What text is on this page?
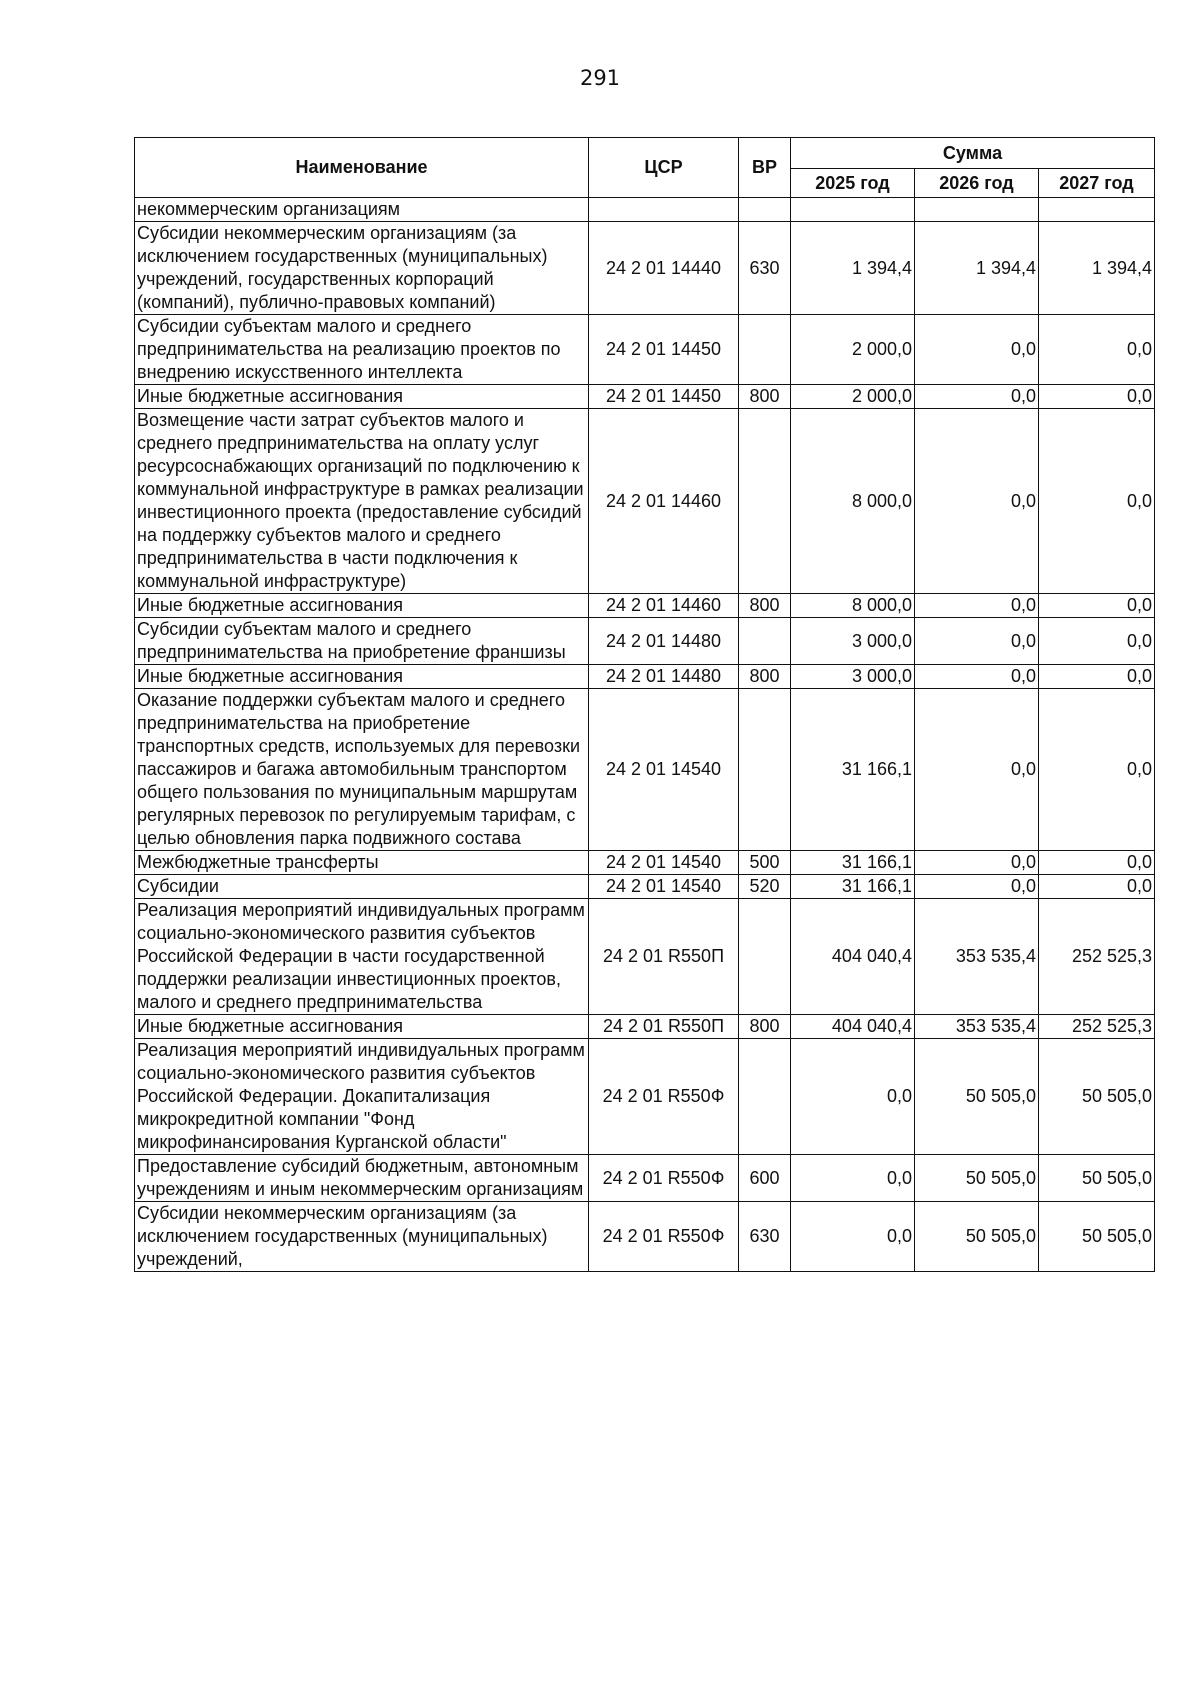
291
Наименование	ЦСР	ВР	Сумма		
			2025 год	2026 год	2027 год
некоммерческим организациям					
Субсидии некоммерческим организациям (за исключением государственных (муниципальных) учреждений, государственных корпораций (компаний), публично-правовых компаний)	24 2 01 14440	630	1 394,4	1 394,4	1 394,4
Субсидии субъектам малого и среднего предпринимательства на реализацию проектов по внедрению искусственного интеллекта	24 2 01 14450		2 000,0	0,0	0,0
Иные бюджетные ассигнования	24 2 01 14450	800	2 000,0	0,0	0,0
Возмещение части затрат субъектов малого и среднего предпринимательства на оплату услуг ресурсоснабжающих организаций по подключению к коммунальной инфраструктуре в рамках реализации инвестиционного проекта (предоставление субсидий на поддержку субъектов малого и среднего предпринимательства в части подключения к коммунальной инфраструктуре)	24 2 01 14460		8 000,0	0,0	0,0
Иные бюджетные ассигнования	24 2 01 14460	800	8 000,0	0,0	0,0
Субсидии субъектам малого и среднего предпринимательства на приобретение франшизы	24 2 01 14480		3 000,0	0,0	0,0
Иные бюджетные ассигнования	24 2 01 14480	800	3 000,0	0,0	0,0
Оказание поддержки субъектам малого и среднего предпринимательства на приобретение транспортных средств, используемых для перевозки пассажиров и багажа автомобильным транспортом общего пользования по муниципальным маршрутам регулярных перевозок по регулируемым тарифам, с целью обновления парка подвижного состава	24 2 01 14540		31 166,1	0,0	0,0
Межбюджетные трансферты	24 2 01 14540	500	31 166,1	0,0	0,0
Субсидии	24 2 01 14540	520	31 166,1	0,0	0,0
Реализация мероприятий индивидуальных программ социально-экономического развития субъектов Российской Федерации в части государственной поддержки реализации инвестиционных проектов, малого и среднего предпринимательства	24 2 01 R550П		404 040,4	353 535,4	252 525,3
Иные бюджетные ассигнования	24 2 01 R550П	800	404 040,4	353 535,4	252 525,3
Реализация мероприятий индивидуальных программ социально-экономического развития субъектов Российской Федерации. Докапитализация микрокредитной компании "Фонд микрофинансирования Курганской области"	24 2 01 R550Ф		0,0	50 505,0	50 505,0
Предоставление субсидий бюджетным, автономным учреждениям и иным некоммерческим организациям	24 2 01 R550Ф	600	0,0	50 505,0	50 505,0
Субсидии некоммерческим организациям (за исключением государственных (муниципальных) учреждений,	24 2 01 R550Ф	630	0,0	50 505,0	50 505,0
